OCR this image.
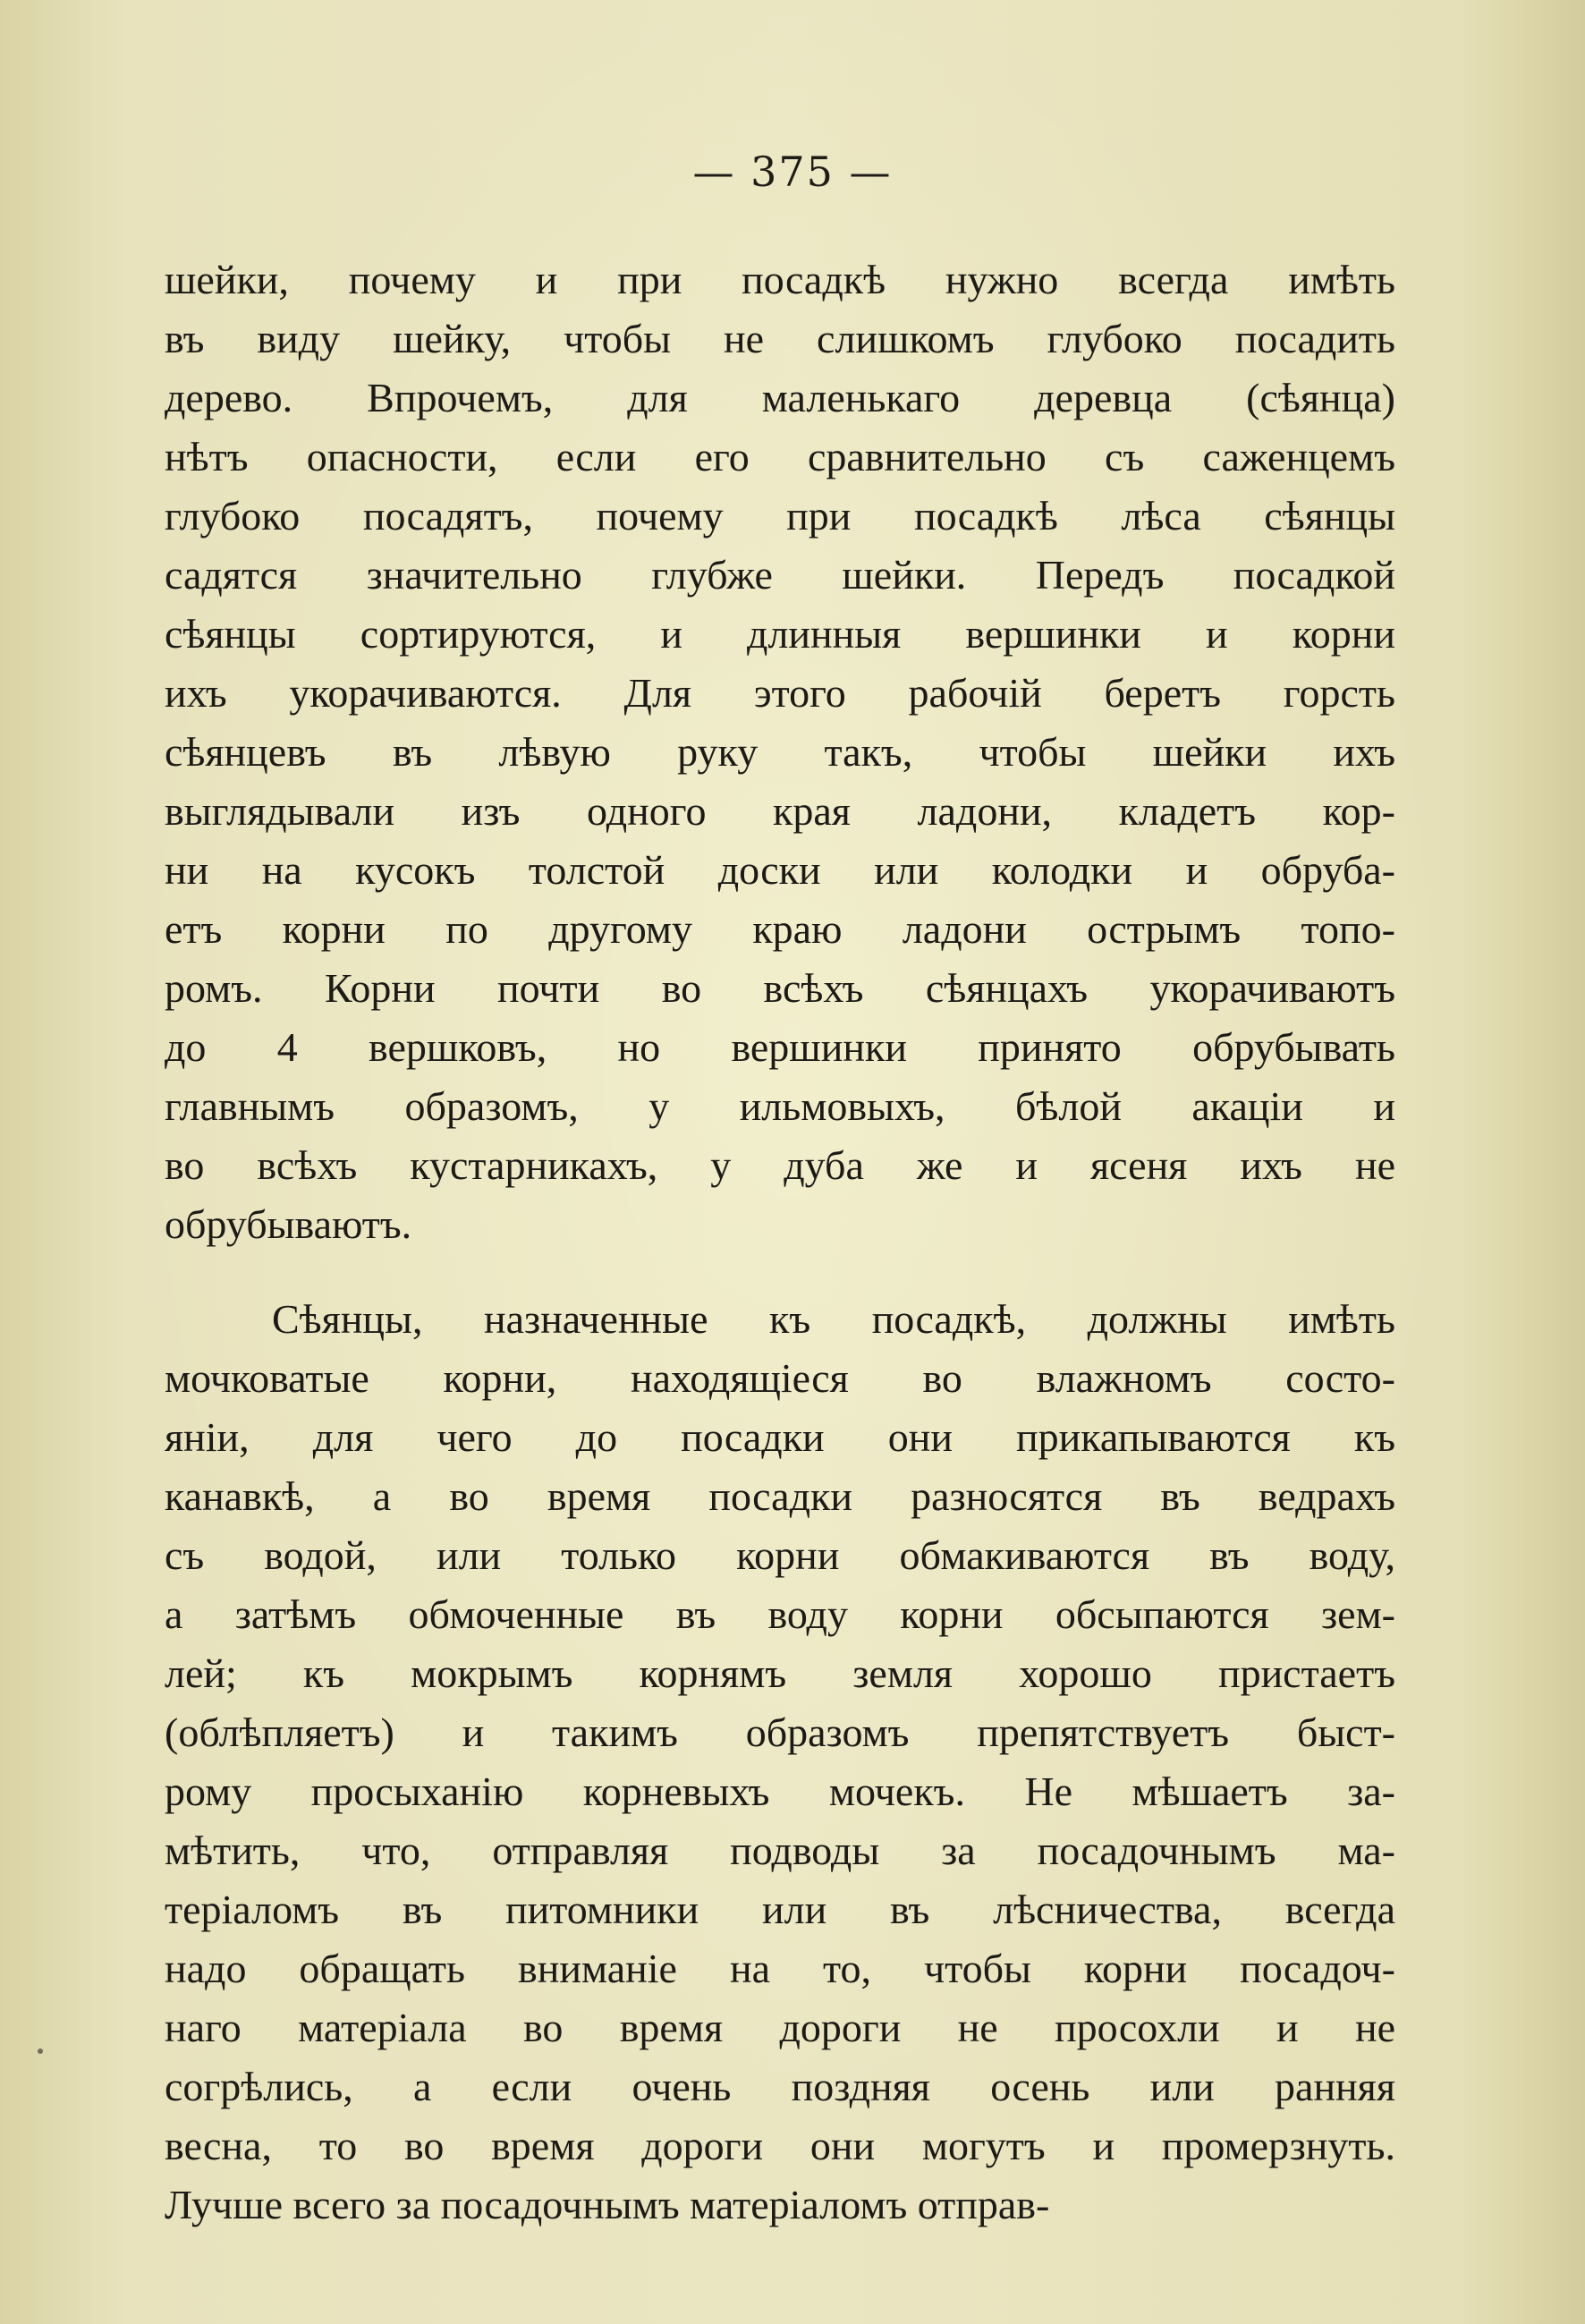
— 375 —
шейки, почему и при посадкѣ нужно всегда имѣть
въ виду шейку, чтобы не слишкомъ глубоко посадить
дерево. Впрочемъ, для маленькаго деревца (сѣянца)
нѣтъ опасности, если его сравнительно съ саженцемъ
глубоко посадятъ, почему при посадкѣ лѣса сѣянцы
садятся значительно глубже шейки. Передъ посадкой
сѣянцы сортируются, и длинныя вершинки и корни
ихъ укорачиваются. Для этого рабочій беретъ горсть
сѣянцевъ въ лѣвую руку такъ, чтобы шейки ихъ
выглядывали изъ одного края ладони, кладетъ кор-
ни на кусокъ толстой доски или колодки и обруба-
етъ корни по другому краю ладони острымъ топо-
ромъ. Корни почти во всѣхъ сѣянцахъ укорачиваютъ
до 4 вершковъ, но вершинки принято обрубывать
главнымъ образомъ, у ильмовыхъ, бѣлой акаціи и
во всѣхъ кустарникахъ, у дуба же и ясеня ихъ не
обрубываютъ.
Сѣянцы, назначенные къ посадкѣ, должны имѣть
мочковатые корни, находящіеся во влажномъ состо-
яніи, для чего до посадки они прикапываются къ
канавкѣ, а во время посадки разносятся въ ведрахъ
съ водой, или только корни обмакиваются въ воду,
а затѣмъ обмоченные въ воду корни обсыпаются зем-
лей; къ мокрымъ корнямъ земля хорошо пристаетъ
(облѣпляетъ) и такимъ образомъ препятствуетъ быст-
рому просыханію корневыхъ мочекъ. Не мѣшаетъ за-
мѣтить, что, отправляя подводы за посадочнымъ ма-
теріаломъ въ питомники или въ лѣсничества, всегда
надо обращать вниманіе на то, чтобы корни посадоч-
наго матеріала во время дороги не просохли и не
согрѣлись, а если очень поздняя осень или ранняя
весна, то во время дороги они могутъ и промерзнуть.
Лучше всего за посадочнымъ матеріаломъ отправ-
